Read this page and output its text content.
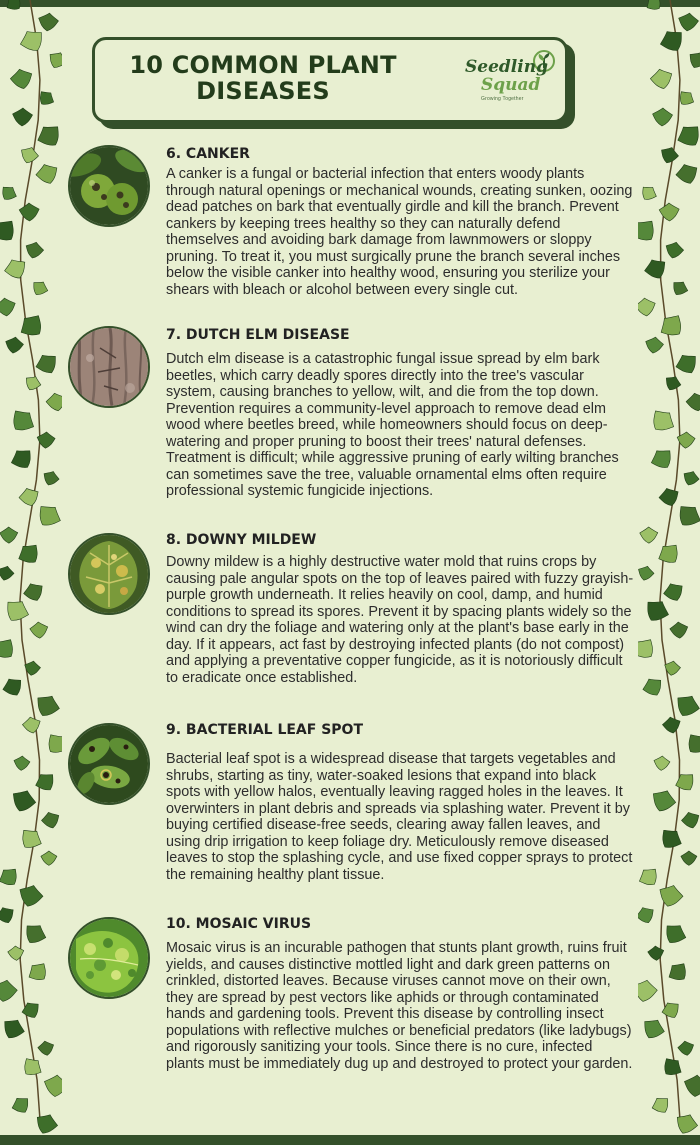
10 COMMON PLANT DISEASES
Seedling
Squad
Growing Together
6. CANKER
A canker is a fungal or bacterial infection that enters woody plants through natural openings or mechanical wounds, creating sunken, oozing dead patches on bark that eventually girdle and kill the branch. Prevent cankers by keeping trees healthy so they can naturally defend themselves and avoiding bark damage from lawnmowers or sloppy pruning. To treat it, you must surgically prune the branch several inches below the visible canker into healthy wood, ensuring you sterilize your shears with bleach or alcohol between every single cut.
7. DUTCH ELM DISEASE
Dutch elm disease is a catastrophic fungal issue spread by elm bark beetles, which carry deadly spores directly into the tree's vascular system, causing branches to yellow, wilt, and die from the top down. Prevention requires a community-level approach to remove dead elm wood where beetles breed, while homeowners should focus on deep-watering and proper pruning to boost their trees' natural defenses. Treatment is difficult; while aggressive pruning of early wilting branches can sometimes save the tree, valuable ornamental elms often require professional systemic fungicide injections.
8. DOWNY MILDEW
Downy mildew is a highly destructive water mold that ruins crops by causing pale angular spots on the top of leaves paired with fuzzy grayish-purple growth underneath. It relies heavily on cool, damp, and humid conditions to spread its spores. Prevent it by spacing plants widely so the wind can dry the foliage and watering only at the plant's base early in the day. If it appears, act fast by destroying infected plants (do not compost) and applying a preventative copper fungicide, as it is notoriously difficult to eradicate once established.
9. BACTERIAL LEAF SPOT
Bacterial leaf spot is a widespread disease that targets vegetables and shrubs, starting as tiny, water-soaked lesions that expand into black spots with yellow halos, eventually leaving ragged holes in the leaves. It overwinters in plant debris and spreads via splashing water. Prevent it by buying certified disease-free seeds, clearing away fallen leaves, and using drip irrigation to keep foliage dry. Meticulously remove diseased leaves to stop the splashing cycle, and use fixed copper sprays to protect the remaining healthy plant tissue.
10. MOSAIC VIRUS
Mosaic virus is an incurable pathogen that stunts plant growth, ruins fruit yields, and causes distinctive mottled light and dark green patterns on crinkled, distorted leaves. Because viruses cannot move on their own, they are spread by pest vectors like aphids or through contaminated hands and gardening tools. Prevent this disease by controlling insect populations with reflective mulches or beneficial predators (like ladybugs) and rigorously sanitizing your tools. Since there is no cure, infected plants must be immediately dug up and destroyed to protect your garden.
